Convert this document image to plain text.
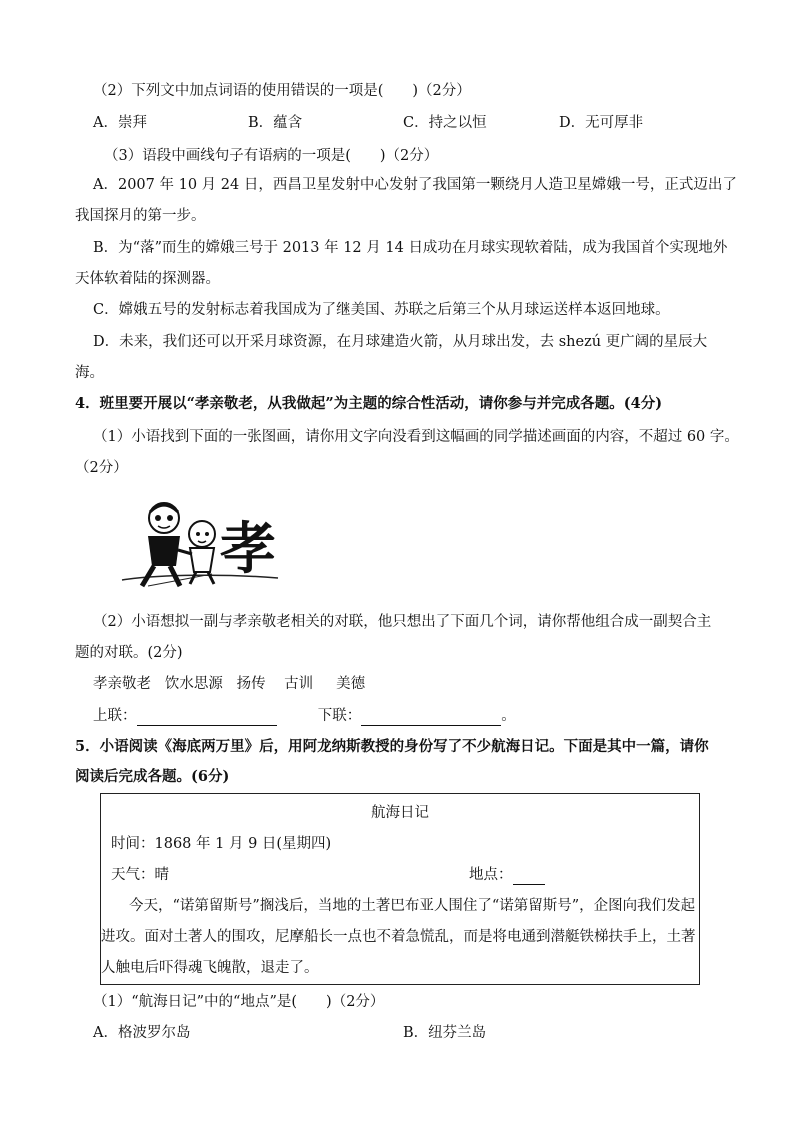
（2）下列文中加点词语的使用错误的一项是(　　)（2分）
A．崇拜	B．蕴含	C．持之以恒	D．无可厚非
（3）语段中画线句子有语病的一项是(　　)（2分）
A．2007 年 10 月 24 日，西昌卫星发射中心发射了我国第一颗绕月人造卫星嫦娥一号，正式迈出了
我国探月的第一步。
B．为“落”而生的嫦娥三号于 2013 年 12 月 14 日成功在月球实现软着陆，成为我国首个实现地外
天体软着陆的探测器。
C．嫦娥五号的发射标志着我国成为了继美国、苏联之后第三个从月球运送样本返回地球。
D．未来，我们还可以开采月球资源，在月球建造火箭，从月球出发，去 shezú 更广阔的星辰大
海。
4．班里要开展以“孝亲敬老，从我做起”为主题的综合性活动，请你参与并完成各题。(4分)
（1）小语找到下面的一张图画，请你用文字向没看到这幅画的同学描述画面的内容，不超过 60 字。
（2分）
孝
（2）小语想拟一副与孝亲敬老相关的对联，他只想出了下面几个词，请你帮他组合成一副契合主
题的对联。(2分)
孝亲敬老 饮水思源 扬传 古训 美德
上联：	下联：	。
5．小语阅读《海底两万里》后，用阿龙纳斯教授的身份写了不少航海日记。下面是其中一篇，请你
阅读后完成各题。(6分)
航海日记
时间：1868 年 1 月 9 日(星期四)
天气：晴	地点：
今天，“诺第留斯号”搁浅后，当地的土著巴布亚人围住了“诺第留斯号”，企图向我们发起
进攻。面对土著人的围攻，尼摩船长一点也不着急慌乱，而是将电通到潜艇铁梯扶手上，土著
人触电后吓得魂飞魄散，退走了。
（1）“航海日记”中的“地点”是(　　)（2分）
A．格波罗尔岛	B．纽芬兰岛
